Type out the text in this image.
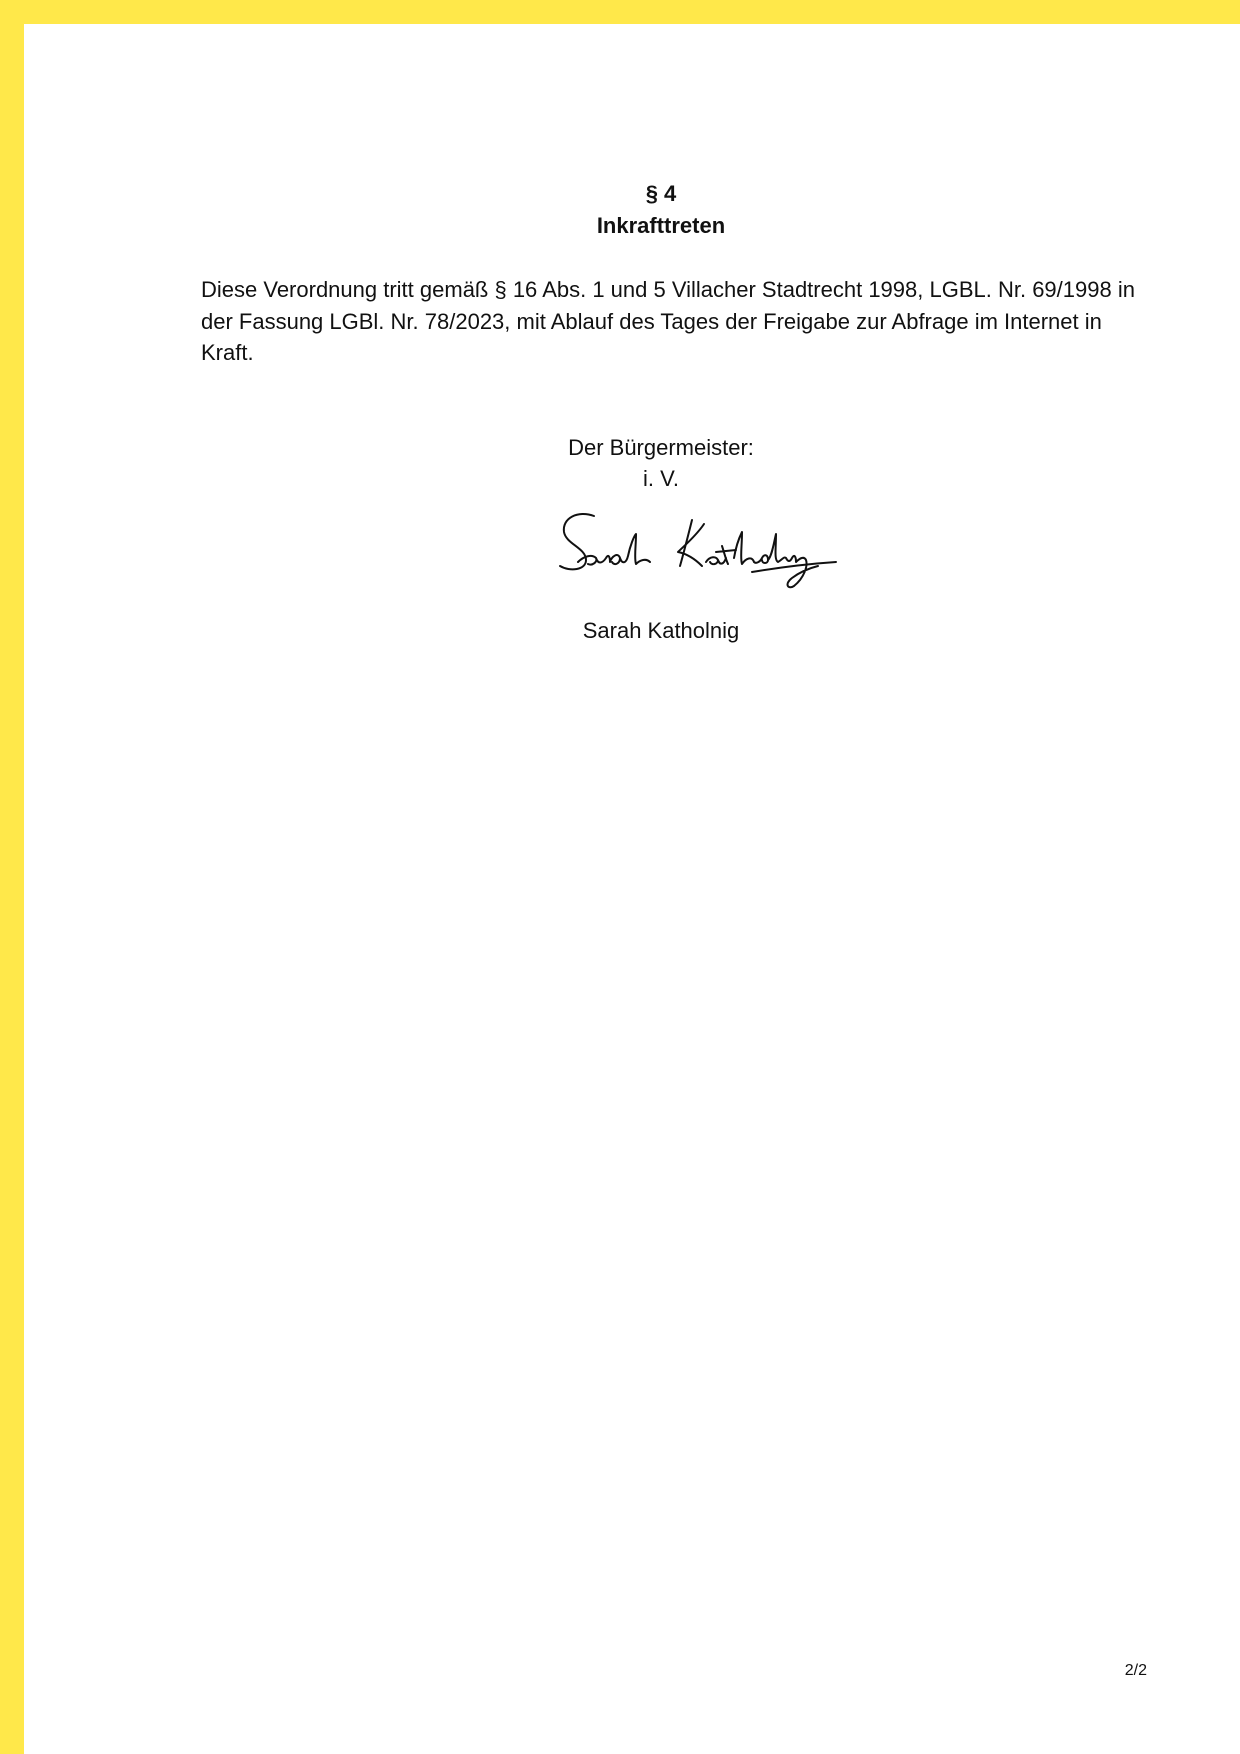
§ 4
Inkrafttreten
Diese Verordnung tritt gemäß § 16 Abs. 1 und 5 Villacher Stadtrecht 1998, LGBL. Nr. 69/1998 in der Fassung LGBl. Nr. 78/2023, mit Ablauf des Tages der Freigabe zur Abfrage im Internet in Kraft.
Der Bürgermeister:
i. V.
Sarah Katholnig
2/2
